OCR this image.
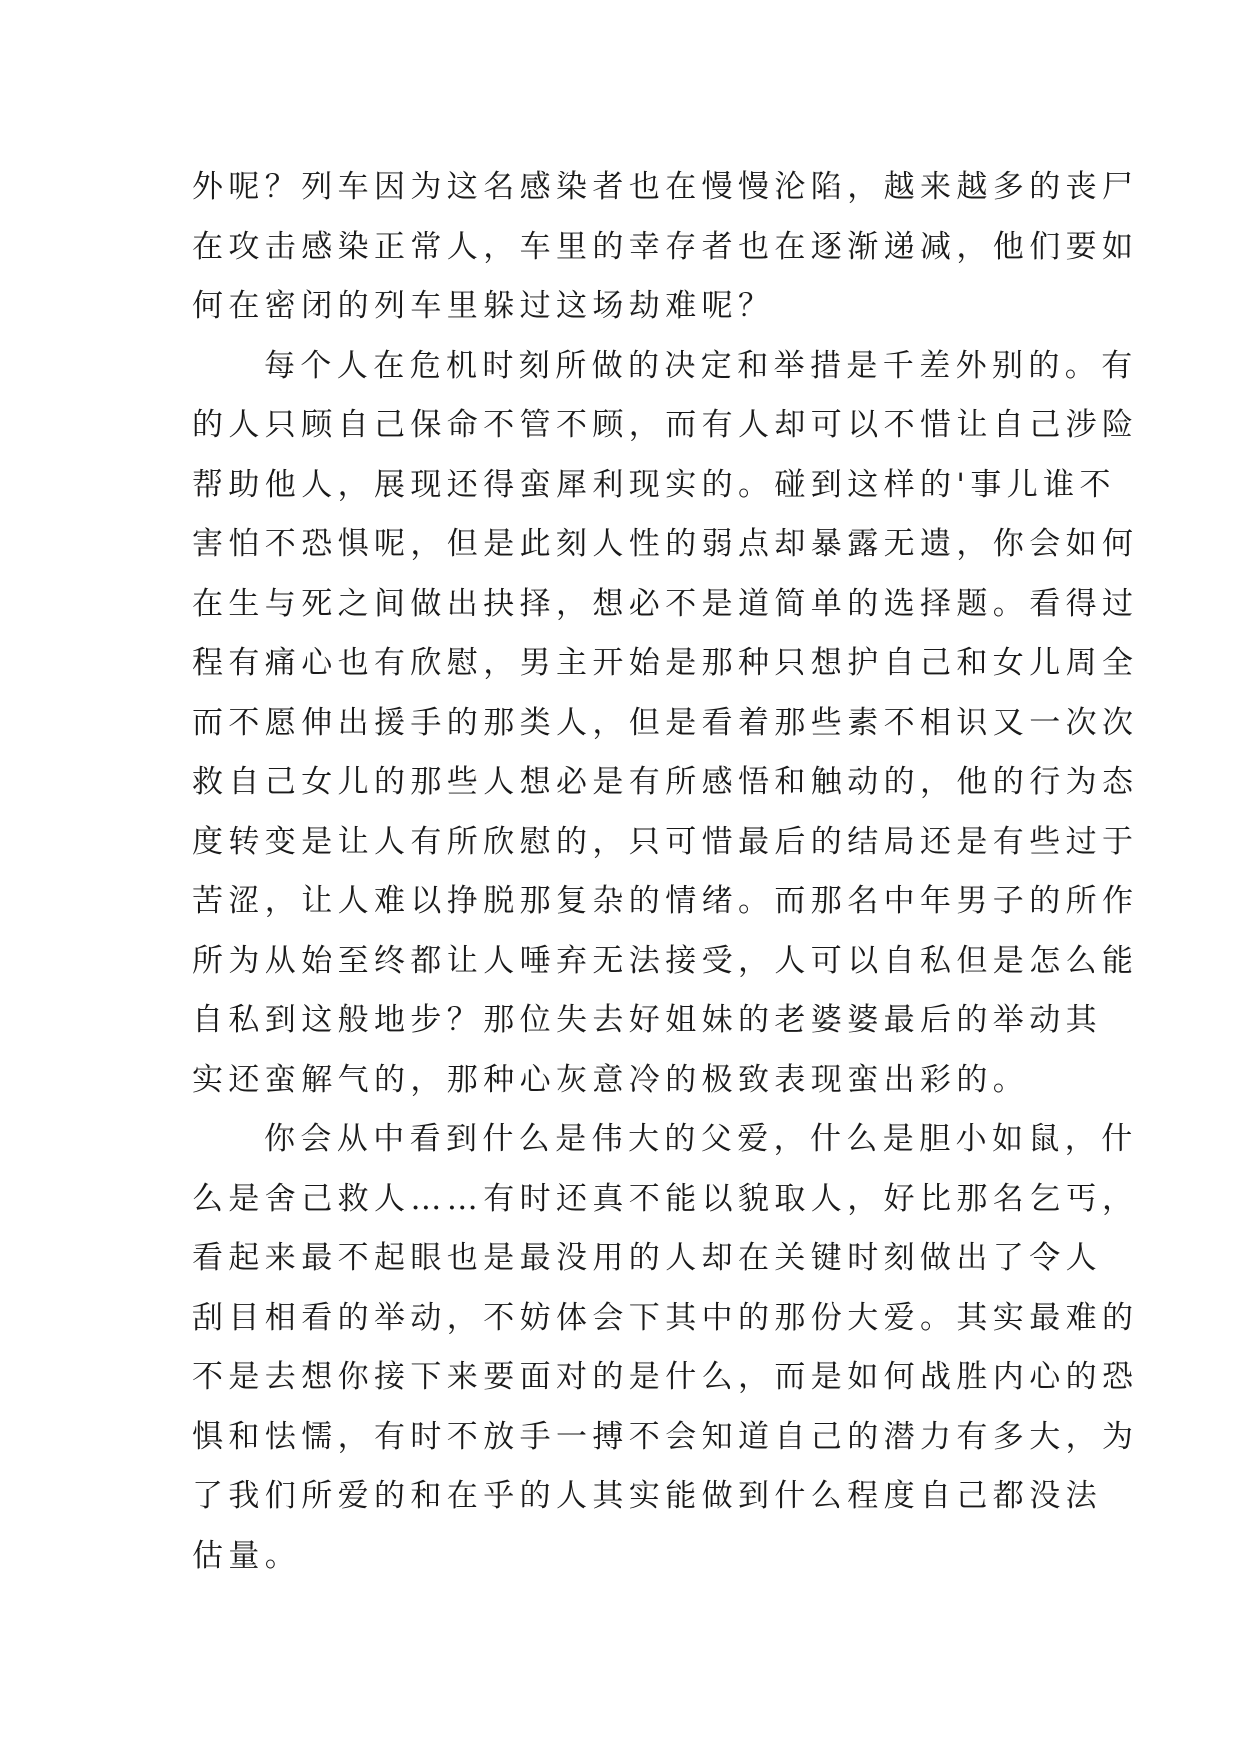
外呢？列车因为这名感染者也在慢慢沦陷，越来越多的丧尸
在攻击感染正常人，车里的幸存者也在逐渐递减，他们要如
何在密闭的列车里躲过这场劫难呢？
每个人在危机时刻所做的决定和举措是千差外别的。有
的人只顾自己保命不管不顾，而有人却可以不惜让自己涉险
帮助他人，展现还得蛮犀利现实的。碰到这样的'事儿谁不
害怕不恐惧呢，但是此刻人性的弱点却暴露无遗，你会如何
在生与死之间做出抉择，想必不是道简单的选择题。看得过
程有痛心也有欣慰，男主开始是那种只想护自己和女儿周全
而不愿伸出援手的那类人，但是看着那些素不相识又一次次
救自己女儿的那些人想必是有所感悟和触动的，他的行为态
度转变是让人有所欣慰的，只可惜最后的结局还是有些过于
苦涩，让人难以挣脱那复杂的情绪。而那名中年男子的所作
所为从始至终都让人唾弃无法接受，人可以自私但是怎么能
自私到这般地步？那位失去好姐妹的老婆婆最后的举动其
实还蛮解气的，那种心灰意冷的极致表现蛮出彩的。
你会从中看到什么是伟大的父爱，什么是胆小如鼠，什
么是舍己救人……有时还真不能以貌取人，好比那名乞丐，
看起来最不起眼也是最没用的人却在关键时刻做出了令人
刮目相看的举动，不妨体会下其中的那份大爱。其实最难的
不是去想你接下来要面对的是什么，而是如何战胜内心的恐
惧和怯懦，有时不放手一搏不会知道自己的潜力有多大，为
了我们所爱的和在乎的人其实能做到什么程度自己都没法
估量。
